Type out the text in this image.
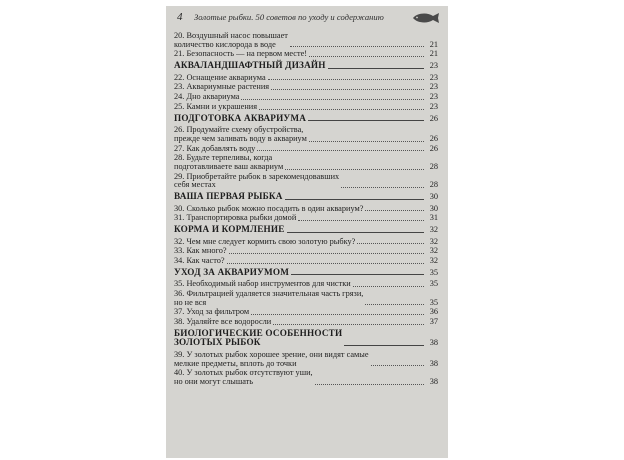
4 Золотые рыбки. 50 советов по уходу и содержанию
20. Воздушный насос повышает
количество кислорода в воде	21
21. Безопасность — на первом месте!	21
АКВАЛАНДШАФТНЫЙ ДИЗАЙН	23
22. Оснащение аквариума	23
23. Аквариумные растения	23
24. Дно аквариума	23
25. Камни и украшения	23
ПОДГОТОВКА АКВАРИУМА	26
26. Продумайте схему обустройства,
прежде чем заливать воду в аквариум	26
27. Как добавлять воду	26
28. Будьте терпеливы, когда
подготавливаете ваш аквариум	28
29. Приобретайте рыбок в зарекомендовавших
себя местах	28
ВАША ПЕРВАЯ РЫБКА	30
30. Сколько рыбок можно посадить в один аквариум?	30
31. Транспортировка рыбки домой	31
КОРМА И КОРМЛЕНИЕ	32
32. Чем мне следует кормить свою золотую рыбку?	32
33. Как много?	32
34. Как часто?	32
УХОД ЗА АКВАРИУМОМ	35
35. Необходимый набор инструментов для чистки	35
36. Фильтрацией удаляется значительная часть грязи,
но не вся	35
37. Уход за фильтром	36
38. Удаляйте все водоросли	37
БИОЛОГИЧЕСКИЕ ОСОБЕННОСТИ
ЗОЛОТЫХ РЫБОК	38
39. У золотых рыбок хорошее зрение, они видят самые
мелкие предметы, вплоть до точки	38
40. У золотых рыбок отсутствуют уши,
но они могут слышать	38
